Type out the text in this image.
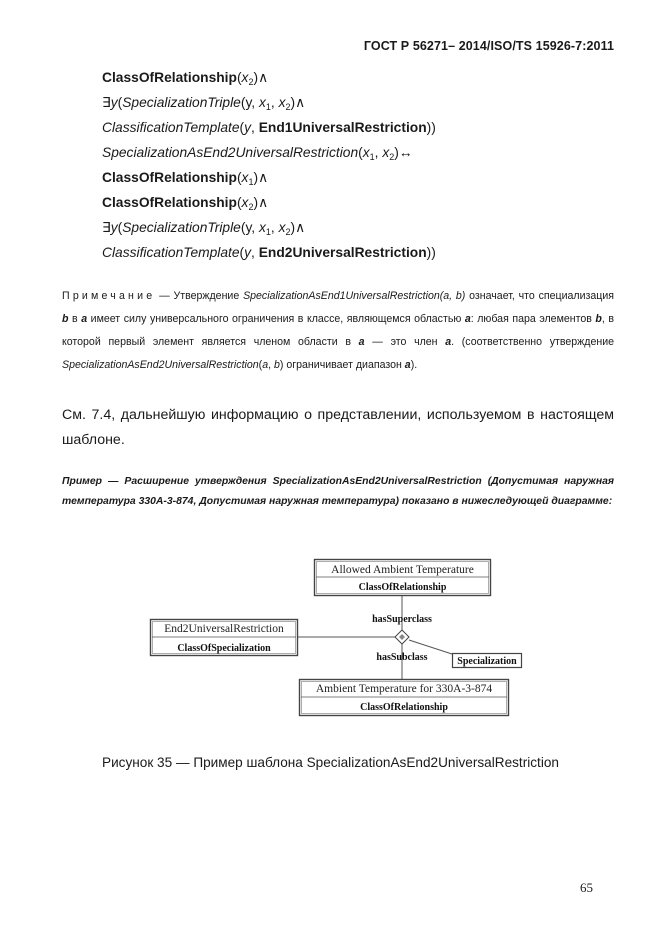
ГОСТ Р 56271– 2014/ISO/TS 15926-7:2011
$ClassOfRelationship(x_2)\wedge$
∃y(SpecializationTriple(y, $x_1$, $x_2)\wedge$
ClassificationTemplate(y, End1UniversalRestriction))
$SpecializationAsEnd2UniversalRestriction(x_1$, $x_2)\leftrightarrow$
$ClassOfRelationship(x_1)\wedge$
$ClassOfRelationship(x_2)\wedge$
∃y(SpecializationTriple(y, $x_1$, $x_2)\wedge$
ClassificationTemplate(y, End2UniversalRestriction))
Примечание — Утверждение SpecializationAsEnd1UniversalRestriction(a, b) означает, что специализация b в a имеет силу универсального ограничения в классе, являющемся областью a: любая пара элементов b, в которой первый элемент является членом области в a — это член a. (соответственно утверждение SpecializationAsEnd2UniversalRestriction(a, b) ограничивает диапазон a).
См. 7.4, дальнейшую информацию о представлении, используемом в настоящем шаблоне.
Пример — Расширение утверждения SpecializationAsEnd2UniversalRestriction (Допустимая наружная температура 330А-3-874, Допустимая наружная температура) показано в нижеследующей диаграмме:
Allowed Ambient Temperature
ClassOfRelationship
End2UniversalRestriction
ClassOfSpecialization
Ambient Temperature for 330A-3-874
ClassOfRelationship
Specialization
hasSuperclass
hasSubclass
Рисунок 35 — Пример шаблона SpecializationAsEnd2UniversalRestriction
65
